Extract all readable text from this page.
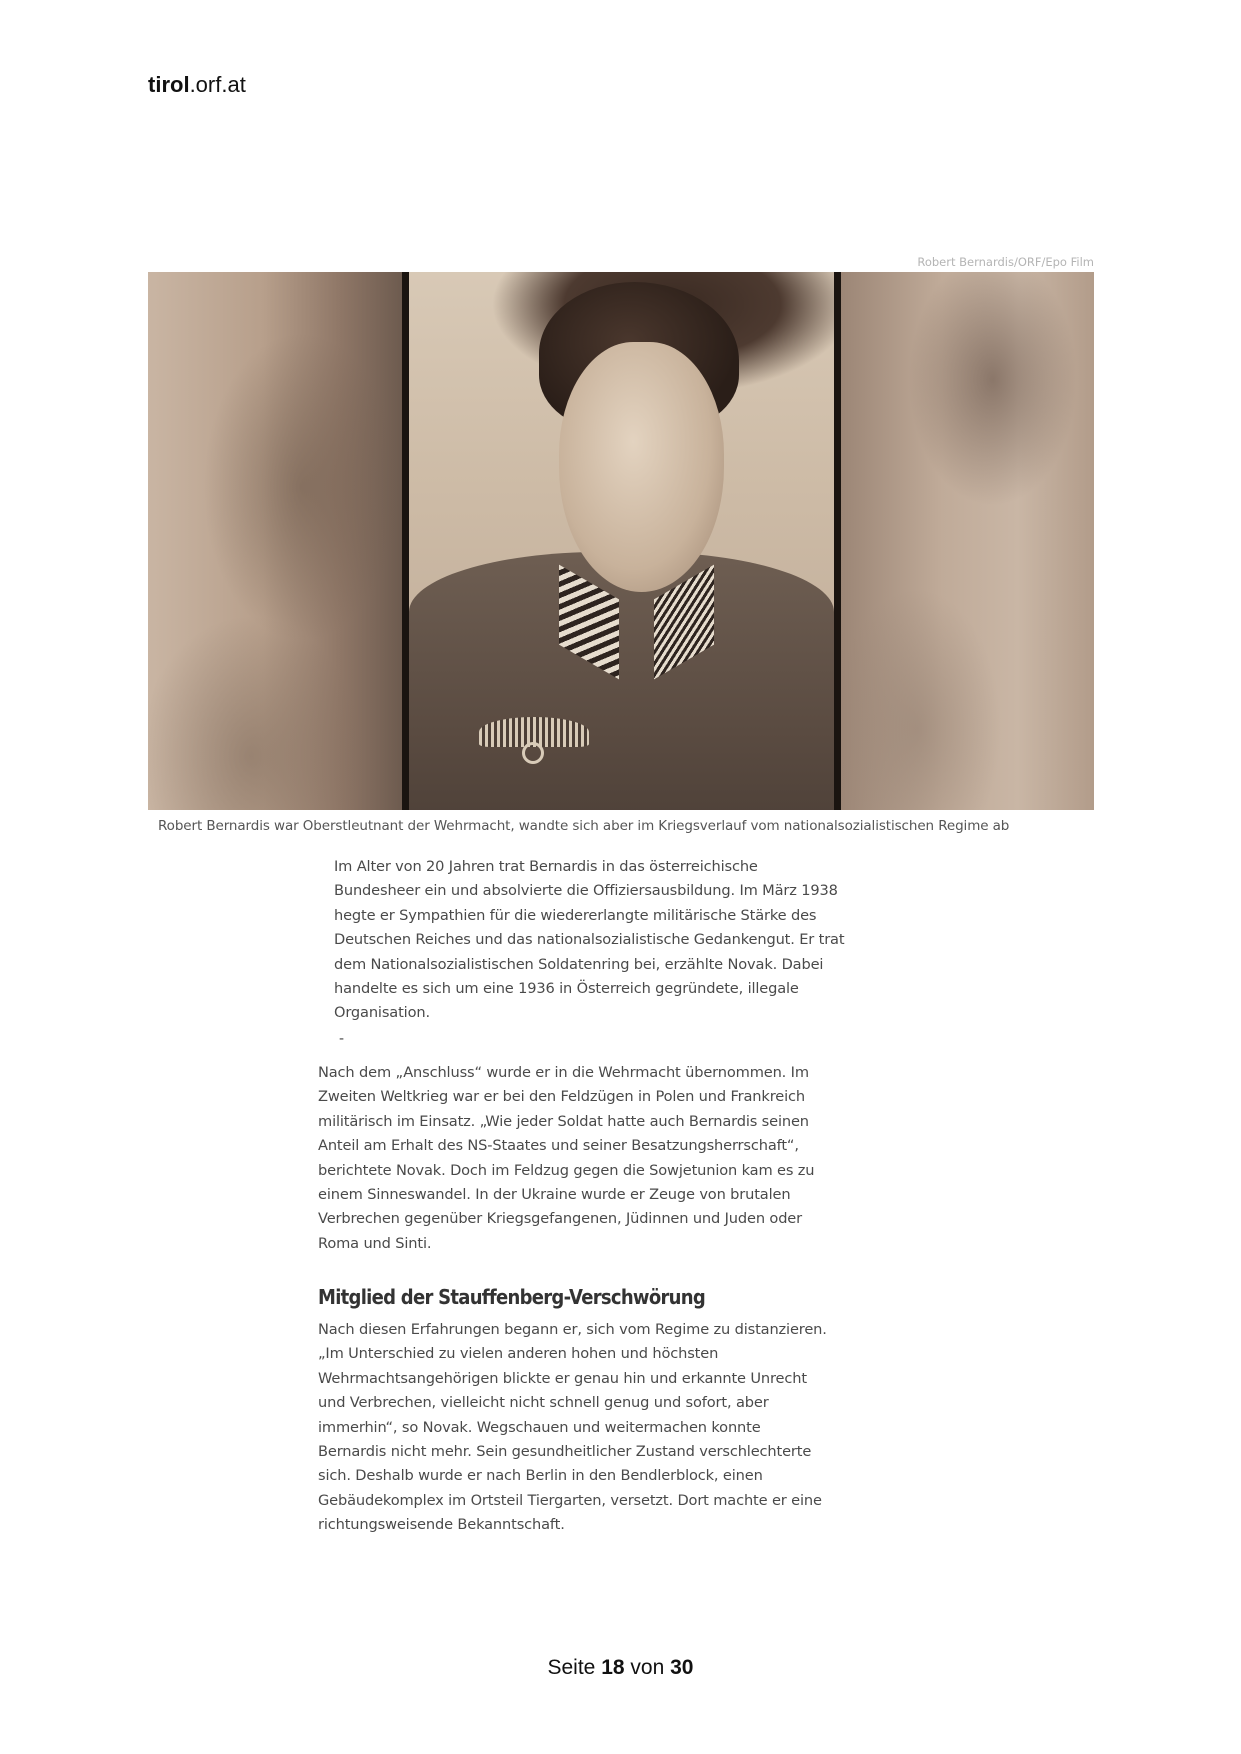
tirol.orf.at
Robert Bernardis/ORF/Epo Film
Robert Bernardis war Oberstleutnant der Wehrmacht, wandte sich aber im Kriegsverlauf vom nationalsozialistischen Regime ab

Im Alter von 20 Jahren trat Bernardis in das österreichische
Bundesheer ein und absolvierte die Offiziersausbildung. Im März 1938
hegte er Sympathien für die wiedererlangte militärische Stärke des
Deutschen Reiches und das nationalsozialistische Gedankengut. Er trat
dem Nationalsozialistischen Soldatenring bei, erzählte Novak. Dabei
handelte es sich um eine 1936 in Österreich gegründete, illegale
Organisation.

-

Nach dem „Anschluss“ wurde er in die Wehrmacht übernommen. Im
Zweiten Weltkrieg war er bei den Feldzügen in Polen und Frankreich
militärisch im Einsatz. „Wie jeder Soldat hatte auch Bernardis seinen
Anteil am Erhalt des NS-Staates und seiner Besatzungsherrschaft“,
berichtete Novak. Doch im Feldzug gegen die Sowjetunion kam es zu
einem Sinneswandel. In der Ukraine wurde er Zeuge von brutalen
Verbrechen gegenüber Kriegsgefangenen, Jüdinnen und Juden oder
Roma und Sinti.

Mitglied der Stauffenberg-Verschwörung

Nach diesen Erfahrungen begann er, sich vom Regime zu distanzieren.
„Im Unterschied zu vielen anderen hohen und höchsten
Wehrmachtsangehörigen blickte er genau hin und erkannte Unrecht
und Verbrechen, vielleicht nicht schnell genug und sofort, aber
immerhin“, so Novak. Wegschauen und weitermachen konnte
Bernardis nicht mehr. Sein gesundheitlicher Zustand verschlechterte
sich. Deshalb wurde er nach Berlin in den Bendlerblock, einen
Gebäudekomplex im Ortsteil Tiergarten, versetzt. Dort machte er eine
richtungsweisende Bekanntschaft.

Seite 18 von 30
